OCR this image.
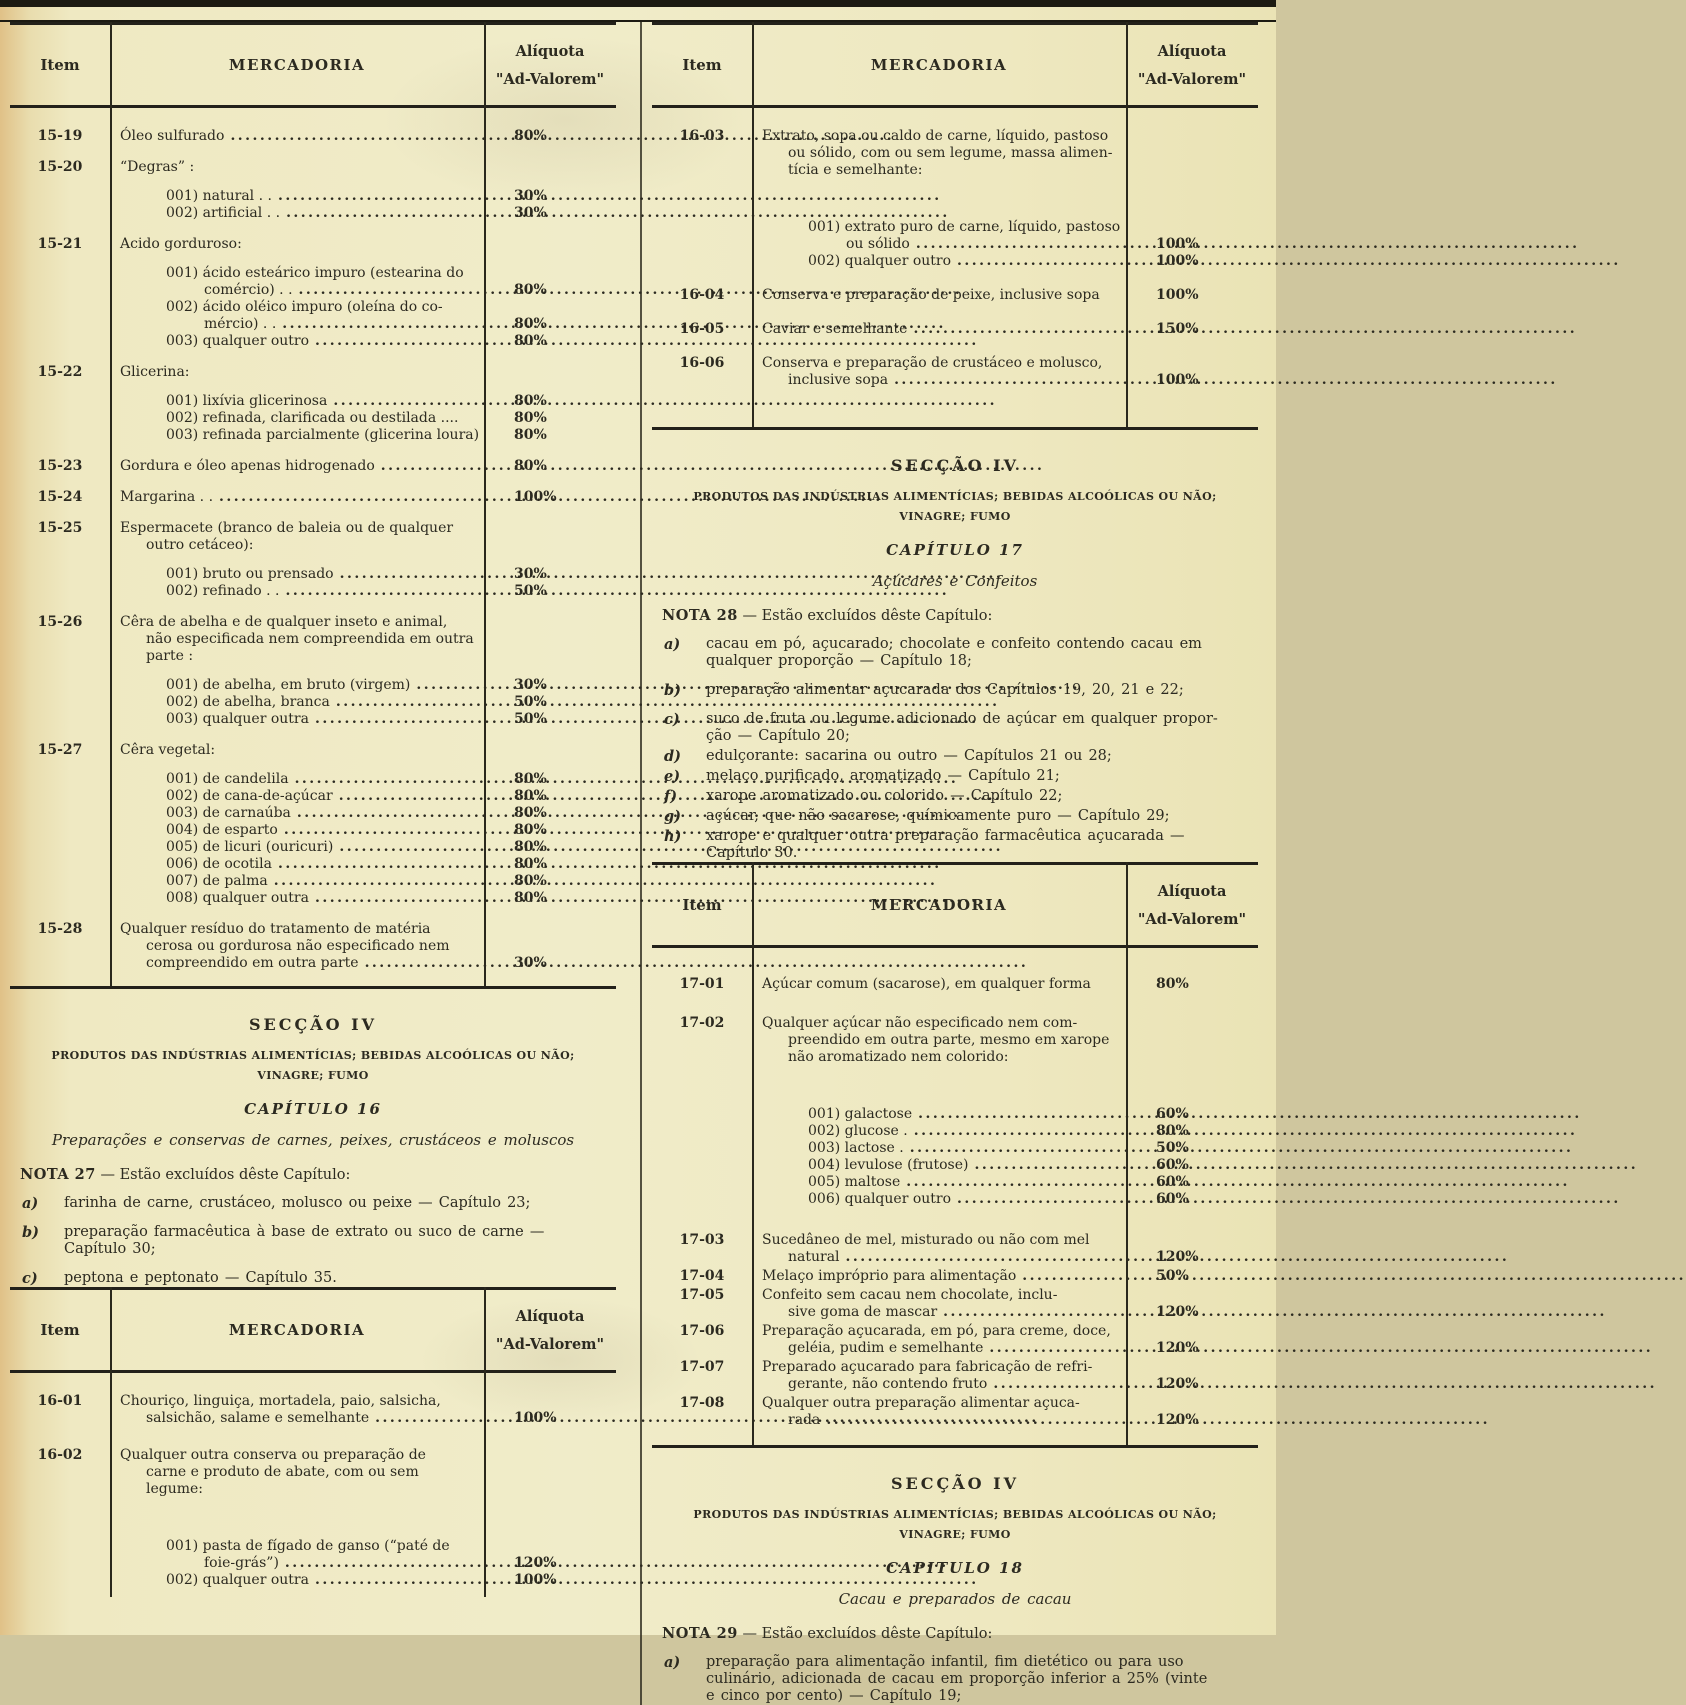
Item	MERCADORIA
Alíquota
"Ad-Valorem"
15-19	Óleo sulfurado .....	80%
15-20	“Degras” :
001) natural . . .....	30%
002) artificial . . .....	30%
15-21	Acido gorduroso:
001) ácido esteárico impuro (estearina do
comércio) . . .....	80%
002) ácido oléico impuro (oleína do co-
mércio) . . .....	80%
003) qualquer outro .....	80%
15-22	Glicerina:
001) lixívia glicerinosa .....	80%
002) refinada, clarificada ou destilada ....	80%
003) refinada parcialmente (glicerina loura)	80%
15-23	Gordura e óleo apenas hidrogenado .....	80%
15-24	Margarina . . .....	100%
15-25	Espermacete (branco de baleia ou de qualquer
outro cetáceo):
001) bruto ou prensado .....	30%
002) refinado . . .....	50%
15-26	Cêra de abelha e de qualquer inseto e animal,
não especificada nem compreendida em outra
parte :
001) de abelha, em bruto (virgem) .....	30%
002) de abelha, branca .....	50%
003) qualquer outra .....	50%
15-27	Cêra vegetal:
001) de candelila .....	80%
002) de cana-de-açúcar .....	80%
003) de carnaúba .....	80%
004) de esparto .....	80%
005) de licuri (ouricuri) .....	80%
006) de ocotila .....	80%
007) de palma .....	80%
008) qualquer outra .....	80%
15-28	Qualquer resíduo do tratamento de matéria
cerosa ou gordurosa não especificado nem
compreendido em outra parte .....	30%
SECÇÃO IV
PRODUTOS DAS INDÚSTRIAS ALIMENTÍCIAS; BEBIDAS ALCOÓLICAS OU NÃO;
VINAGRE; FUMO
CAPÍTULO 16
Preparações e conservas de carnes, peixes, crustáceos e moluscos
NOTA 27 — Estão excluídos dêste Capítulo:
a) farinha de carne, crustáceo, molusco ou peixe — Capítulo 23;
b) preparação farmacêutica à base de extrato ou suco de carne —
Capítulo 30;
c) peptona e peptonato — Capítulo 35.
Item	MERCADORIA
Alíquota
"Ad-Valorem"
16-01	Chouriço, linguiça, mortadela, paio, salsicha,
salsichão, salame e semelhante .....	100%
16-02	Qualquer outra conserva ou preparação de
carne e produto de abate, com ou sem
legume:
001) pasta de fígado de ganso (“paté de
foie-grás”) .....	120%
002) qualquer outra .....	100%
Item	MERCADORIA
Alíquota
"Ad-Valorem"
16-03	Extrato, sopa ou caldo de carne, líquido, pastoso
ou sólido, com ou sem legume, massa alimen-
tícia e semelhante:
001) extrato puro de carne, líquido, pastoso
ou sólido .....	100%
002) qualquer outro .....	100%
16-04	Conserva e preparação de peixe, inclusive sopa	100%
16-05	Caviar e semelhante .....	150%
16-06	Conserva e preparação de crustáceo e molusco,
inclusive sopa .....	100%
SECÇÃO IV
PRODUTOS DAS INDÚSTRIAS ALIMENTÍCIAS; BEBIDAS ALCOÓLICAS OU NÃO;
VINAGRE; FUMO
CAPÍTULO 17
Açúcares e Confeitos
NOTA 28 — Estão excluídos dêste Capítulo:
a) cacau em pó, açucarado; chocolate e confeito contendo cacau em
qualquer proporção — Capítulo 18;
b) preparação alimentar açucarada dos Capítulos 19, 20, 21 e 22;
c) suco de fruta ou legume adicionado de açúcar em qualquer propor-
ção — Capítulo 20;
d) edulçorante: sacarina ou outro — Capítulos 21 ou 28;
e) melaço purificado, aromatizado — Capítulo 21;
f) xarope aromatizado ou colorido — Capítulo 22;
g) açúcar, que não sacarose, químicamente puro — Capítulo 29;
h) xarope e qualquer outra preparação farmacêutica açucarada —
Capítulo 30.
Item	MERCADORIA
Alíquota
"Ad-Valorem"
17-01	Açúcar comum (sacarose), em qualquer forma	80%
17-02	Qualquer açúcar não especificado nem com-
preendido em outra parte, mesmo em xarope
não aromatizado nem colorido:
001) galactose .....	60%
002) glucose . .....	80%
003) lactose . .....	50%
004) levulose (frutose) .....	60%
005) maltose .....	60%
006) qualquer outro .....	60%
17-03	Sucedâneo de mel, misturado ou não com mel
natural .....	120%
17-04	Melaço impróprio para alimentação .....	50%
17-05	Confeito sem cacau nem chocolate, inclu-
sive goma de mascar .....	120%
17-06	Preparação açucarada, em pó, para creme, doce,
geléia, pudim e semelhante .....	120%
17-07	Preparado açucarado para fabricação de refri-
gerante, não contendo fruto .....	120%
17-08	Qualquer outra preparação alimentar açuca-
rada .....	120%
SECÇÃO IV
PRODUTOS DAS INDÚSTRIAS ALIMENTÍCIAS; BEBIDAS ALCOÓLICAS OU NÃO;
VINAGRE; FUMO
CAPITULO 18
Cacau e preparados de cacau
NOTA 29 — Estão excluídos dêste Capítulo:
a) preparação para alimentação infantil, fim dietético ou para uso
culinário, adicionada de cacau em proporção inferior a 25% (vinte
e cinco por cento) — Capítulo 19;
